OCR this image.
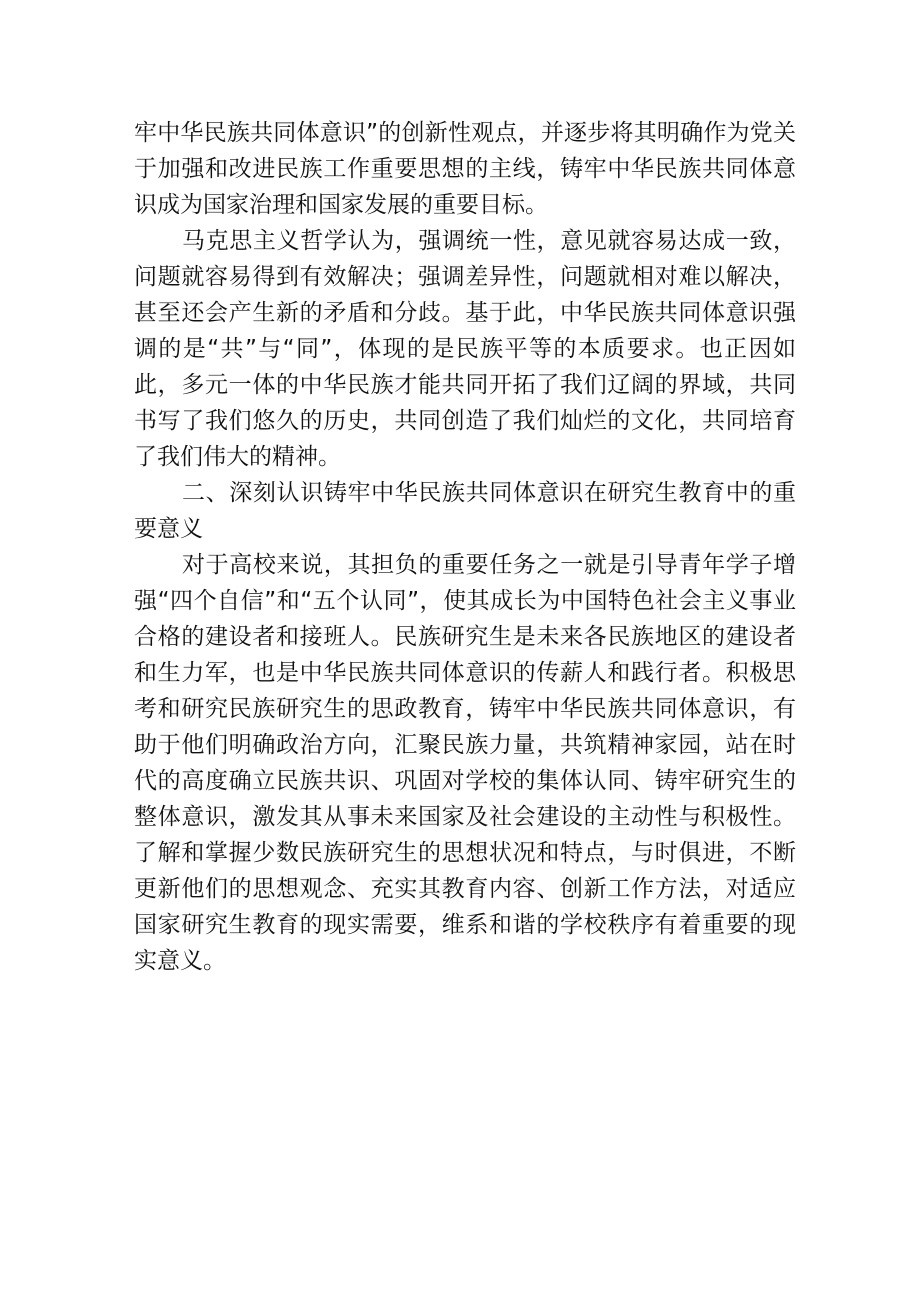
牢中华民族共同体意识”的创新性观点，并逐步将其明确作为党关于加强和改进民族工作重要思想的主线，铸牢中华民族共同体意识成为国家治理和国家发展的重要目标。

马克思主义哲学认为，强调统一性，意见就容易达成一致，问题就容易得到有效解决；强调差异性，问题就相对难以解决，甚至还会产生新的矛盾和分歧。基于此，中华民族共同体意识强调的是“共”与“同”，体现的是民族平等的本质要求。也正因如此，多元一体的中华民族才能共同开拓了我们辽阔的界域，共同书写了我们悠久的历史，共同创造了我们灿烂的文化，共同培育了我们伟大的精神。

二、深刻认识铸牢中华民族共同体意识在研究生教育中的重要意义

对于高校来说，其担负的重要任务之一就是引导青年学子增强“四个自信”和“五个认同”，使其成长为中国特色社会主义事业合格的建设者和接班人。民族研究生是未来各民族地区的建设者和生力军，也是中华民族共同体意识的传薪人和践行者。积极思考和研究民族研究生的思政教育，铸牢中华民族共同体意识，有助于他们明确政治方向，汇聚民族力量，共筑精神家园，站在时代的高度确立民族共识、巩固对学校的集体认同、铸牢研究生的整体意识，激发其从事未来国家及社会建设的主动性与积极性。了解和掌握少数民族研究生的思想状况和特点，与时俱进，不断更新他们的思想观念、充实其教育内容、创新工作方法，对适应国家研究生教育的现实需要，维系和谐的学校秩序有着重要的现实意义。
